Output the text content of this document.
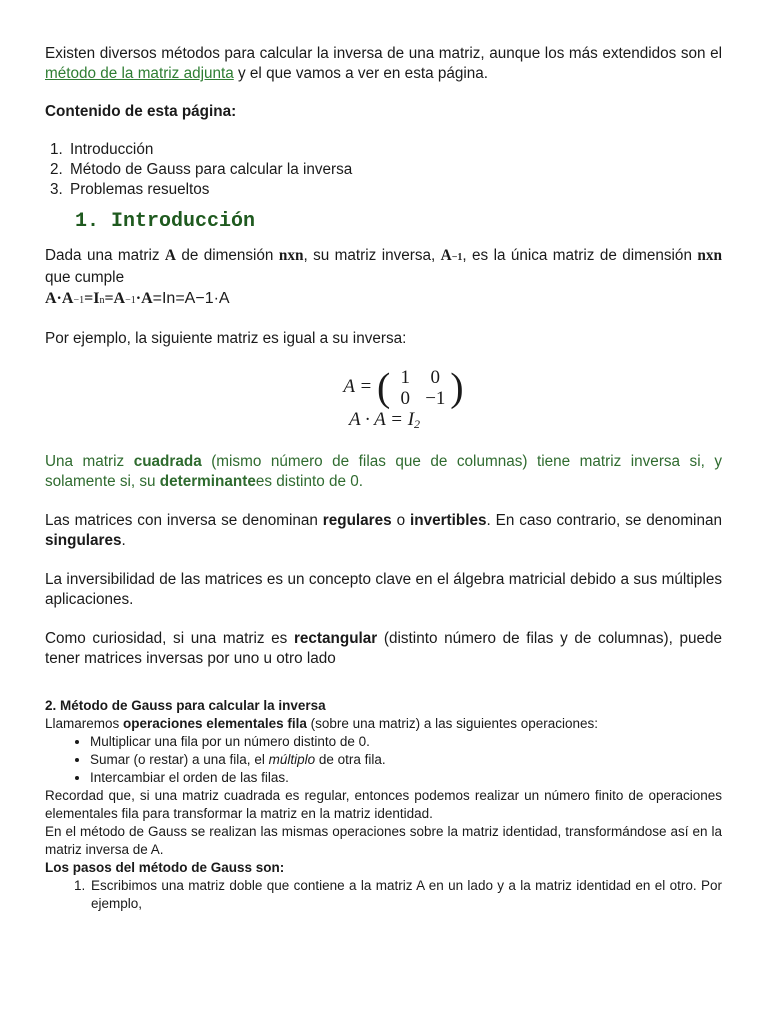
Existen diversos métodos para calcular la inversa de una matriz, aunque los más extendidos son el método de la matriz adjunta y el que vamos a ver en esta página.

Contenido de esta página:

1. Introducción
2. Método de Gauss para calcular la inversa
3. Problemas resueltos
1. Introducción

Dada una matriz A de dimensión nxn, su matriz inversa, A−1, es la única matriz de dimensión nxn que cumple

A·A−1=In=A−1·A=In=A−1·A

Por ejemplo, la siguiente matriz es igual a su inversa:

A = ( 1	0
0 −1 )
A · A = I2

Una matriz cuadrada (mismo número de filas que de columnas) tiene matriz inversa si, y solamente si, su determinantees distinto de 0.

Las matrices con inversa se denominan regulares o invertibles. En caso contrario, se denominan singulares.

La inversibilidad de las matrices es un concepto clave en el álgebra matricial debido a sus múltiples aplicaciones.

Como curiosidad, si una matriz es rectangular (distinto número de filas y de columnas), puede tener matrices inversas por uno u otro lado

2. Método de Gauss para calcular la inversa

Llamaremos operaciones elementales fila (sobre una matriz) a las siguientes operaciones:

• Multiplicar una fila por un número distinto de 0.
• Sumar (o restar) a una fila, el múltiplo de otra fila.
• Intercambiar el orden de las filas.

Recordad que, si una matriz cuadrada es regular, entonces podemos realizar un número finito de operaciones elementales fila para transformar la matriz en la matriz identidad.

En el método de Gauss se realizan las mismas operaciones sobre la matriz identidad, transformándose así en la matriz inversa de A.

Los pasos del método de Gauss son:
1. Escribimos una matriz doble que contiene a la matriz A en un lado y a la matriz identidad en el otro. Por ejemplo,
